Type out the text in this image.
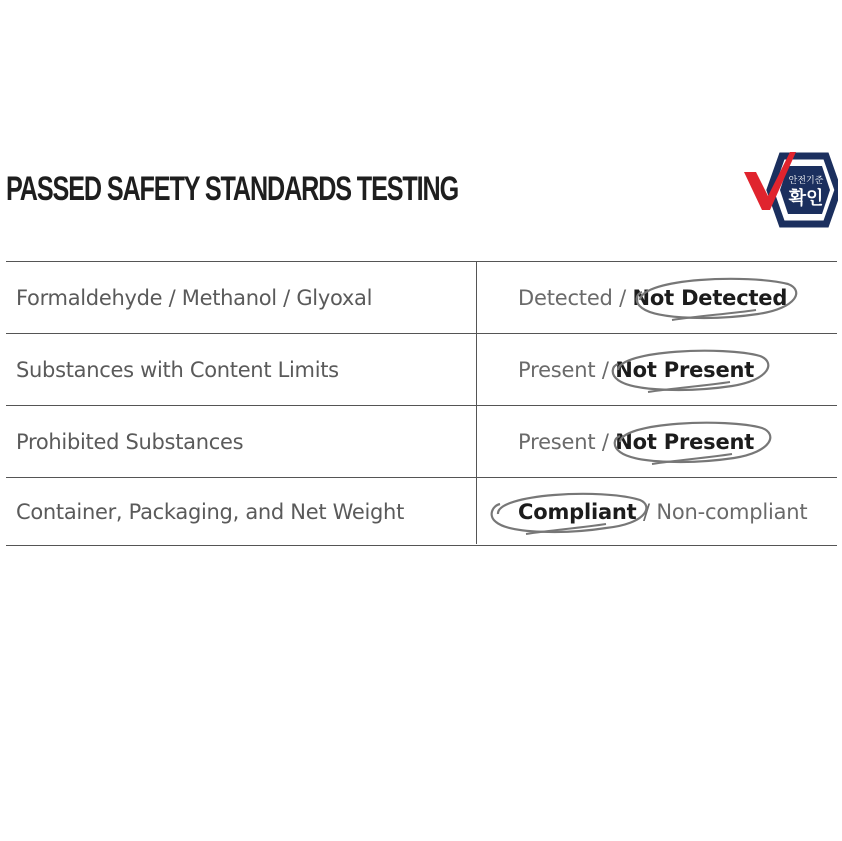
PASSED SAFETY STANDARDS TESTING	안전기준
확인
Formaldehyde / Methanol / Glyoxal	Detected / Not Detected
Substances with Content Limits	Present / Not Present
Prohibited Substances	Present / Not Present
Container, Packaging, and Net Weight	Compliant / Non-compliant
